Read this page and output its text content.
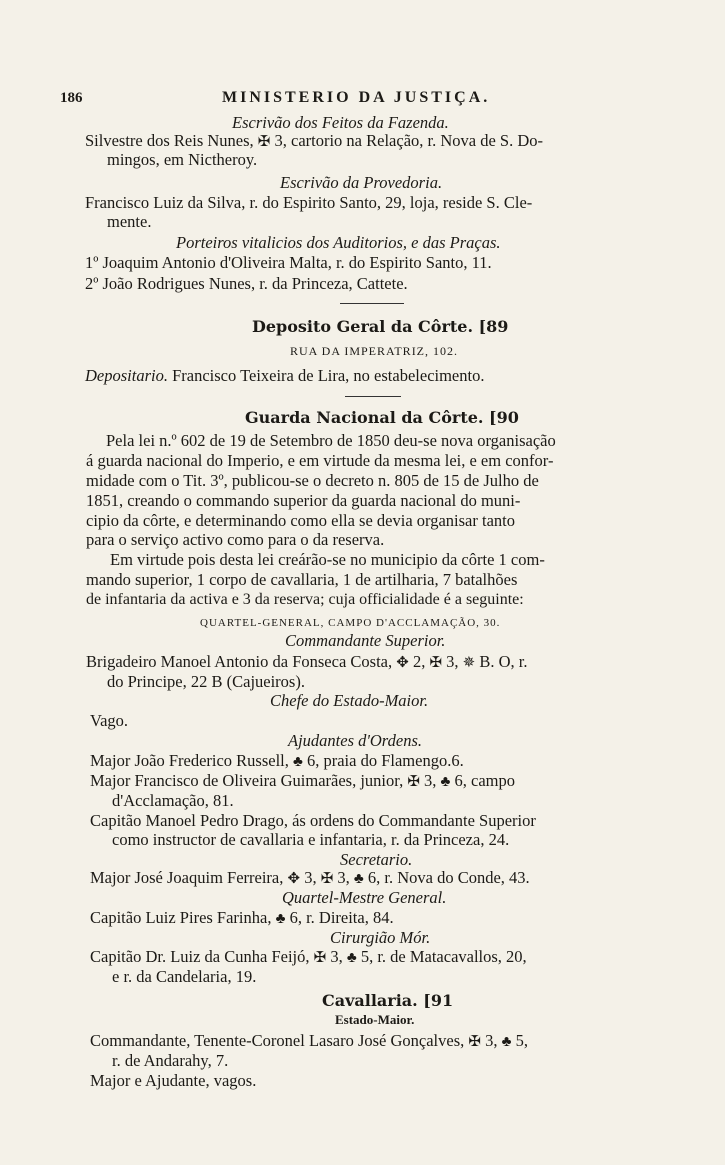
186	MINISTERIO DA JUSTIÇA.
Escrivão dos Feitos da Fazenda.
Silvestre dos Reis Nunes, ✠ 3, cartorio na Relação, r. Nova de S. Do-
mingos, em Nictheroy.
Escrivão da Provedoria.
Francisco Luiz da Silva, r. do Espirito Santo, 29, loja, reside S. Cle-
mente.
Porteiros vitalicios dos Auditorios, e das Praças.
1º Joaquim Antonio d'Oliveira Malta, r. do Espirito Santo, 11.
2º João Rodrigues Nunes, r. da Princeza, Cattete.
Deposito Geral da Côrte. [89
RUA DA IMPERATRIZ, 102.
Depositario. Francisco Teixeira de Lira, no estabelecimento.
Guarda Nacional da Côrte. [90
Pela lei n.º 602 de 19 de Setembro de 1850 deu-se nova organisação
á guarda nacional do Imperio, e em virtude da mesma lei, e em confor-
midade com o Tit. 3º, publicou-se o decreto n. 805 de 15 de Julho de
1851, creando o commando superior da guarda nacional do muni-
cipio da côrte, e determinando como ella se devia organisar tanto
para o serviço activo como para o da reserva.
Em virtude pois desta lei creárão-se no municipio da côrte 1 com-
mando superior, 1 corpo de cavallaria, 1 de artilharia, 7 batalhões
de infantaria da activa e 3 da reserva; cuja officialidade é a seguinte:
QUARTEL-GENERAL, CAMPO D'ACCLAMAÇÃO, 30.
Commandante Superior.
Brigadeiro Manoel Antonio da Fonseca Costa, ✥ 2, ✠ 3, ✵ B. O, r.
do Principe, 22 B (Cajueiros).
Chefe do Estado-Maior.
Vago.
Ajudantes d'Ordens.
Major João Frederico Russell, ♣ 6, praia do Flamengo.6.
Major Francisco de Oliveira Guimarães, junior, ✠ 3, ♣ 6, campo
d'Acclamação, 81.
Capitão Manoel Pedro Drago, ás ordens do Commandante Superior
como instructor de cavallaria e infantaria, r. da Princeza, 24.
Secretario.
Major José Joaquim Ferreira, ✥ 3, ✠ 3, ♣ 6, r. Nova do Conde, 43.
Quartel-Mestre General.
Capitão Luiz Pires Farinha, ♣ 6, r. Direita, 84.
Cirurgião Mór.
Capitão Dr. Luiz da Cunha Feijó, ✠ 3, ♣ 5, r. de Matacavallos, 20,
e r. da Candelaria, 19.
Cavallaria. [91
Estado-Maior.
Commandante, Tenente-Coronel Lasaro José Gonçalves, ✠ 3, ♣ 5,
r. de Andarahy, 7.
Major e Ajudante, vagos.
